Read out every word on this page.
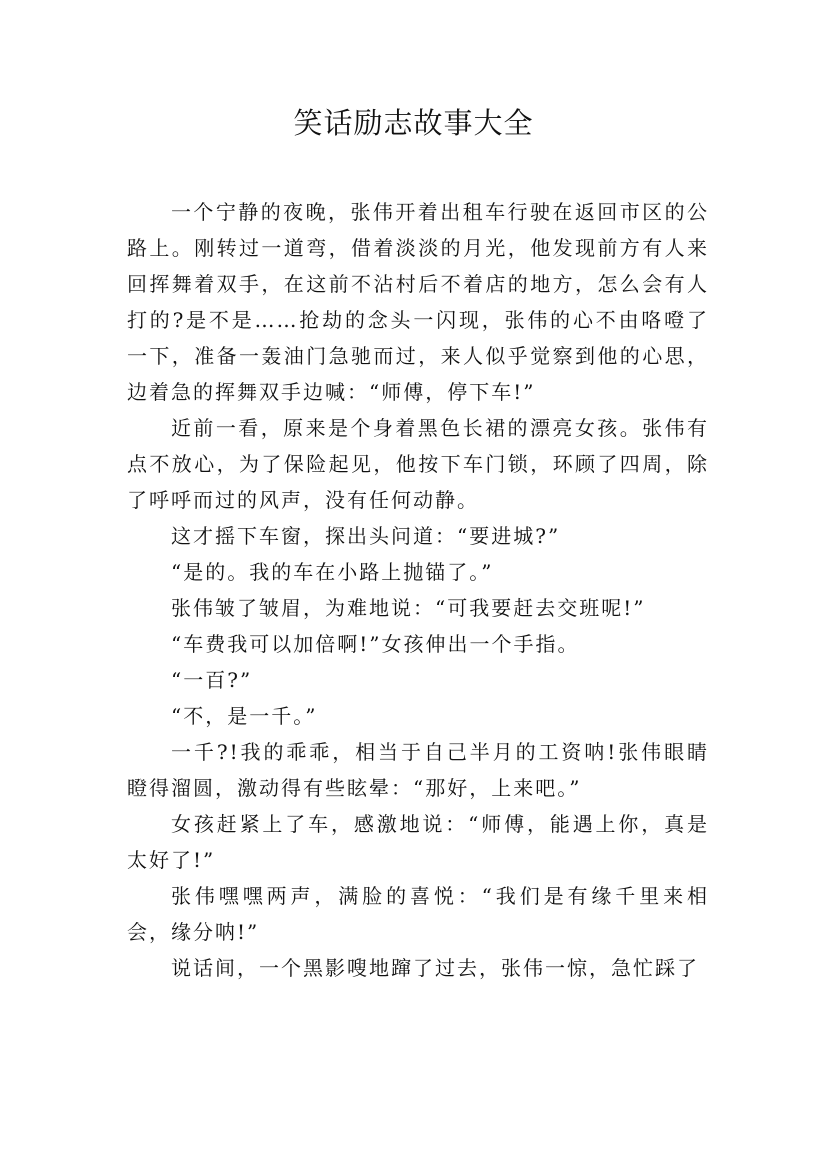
笑话励志故事大全

一个宁静的夜晚，张伟开着出租车行驶在返回市区的公路上。刚转过一道弯，借着淡淡的月光，他发现前方有人来回挥舞着双手，在这前不沾村后不着店的地方，怎么会有人打的?是不是……抢劫的念头一闪现，张伟的心不由咯噔了一下，准备一轰油门急驰而过，来人似乎觉察到他的心思，边着急的挥舞双手边喊：“师傅，停下车!”

近前一看，原来是个身着黑色长裙的漂亮女孩。张伟有点不放心，为了保险起见，他按下车门锁，环顾了四周，除了呼呼而过的风声，没有任何动静。

这才摇下车窗，探出头问道：“要进城?”

“是的。我的车在小路上抛锚了。”

张伟皱了皱眉，为难地说：“可我要赶去交班呢!”

“车费我可以加倍啊!”女孩伸出一个手指。

“一百?”

“不，是一千。”

一千?!我的乖乖，相当于自己半月的工资呐!张伟眼睛瞪得溜圆，激动得有些眩晕：“那好，上来吧。”

女孩赶紧上了车，感激地说：“师傅，能遇上你，真是太好了!”

张伟嘿嘿两声，满脸的喜悦：“我们是有缘千里来相会，缘分呐!”

说话间，一个黑影嗖地蹿了过去，张伟一惊，急忙踩了
